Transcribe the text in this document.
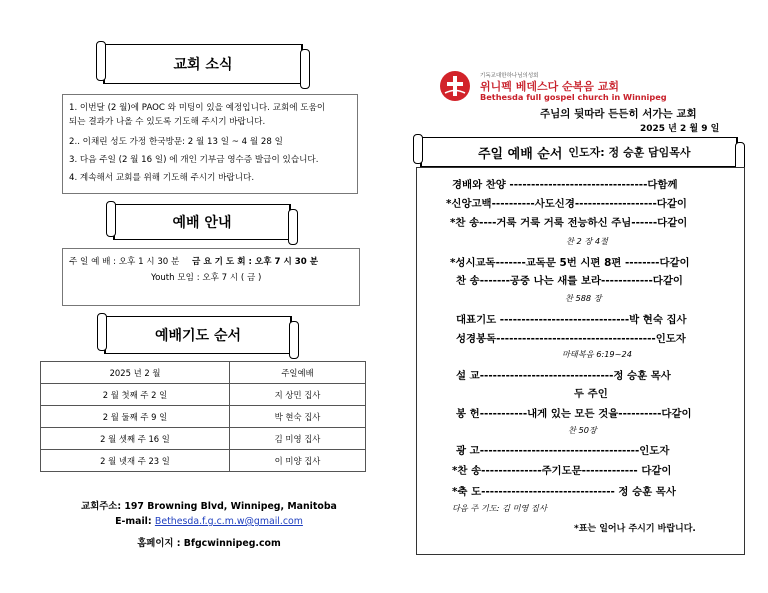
교회 소식

1. 이번달 (2 월)에 PAOC 와 미팅이 있을 예정입니다. 교회에 도움이

되는 결과가 나올 수 있도록 기도해 주시기 바랍니다.

2.. 이채린 성도 가정 한국방문: 2 월 13 일 ~ 4 월 28 일

3. 다음 주일 (2 월 16 일) 에 개인 기부금 영수증 발급이 있습니다.

4. 계속해서 교회를 위해 기도해 주시기 바랍니다.

예배 안내
주 일 예 배 : 오후 1 시 30 분 금 요 기 도 회 : 오후 7 시 30 분
Youth 모임 : 오후 7 시 ( 금 )
예배기도 순서
2025 년 2 월	주일예배
2 월 첫째 주 2 일	지 상민 집사
2 월 둘째 주 9 일	박 현숙 집사
2 월 셋째 주 16 일	김 미영 집사
2 월 넷재 주 23 일	이 미양 집사
교회주소: 197 Browning Blvd, Winnipeg, Manitoba
E-mail: Bethesda.f.g.c.m.w@gmail.com
홈페이지 : Bfgcwinnipeg.com
기독교대한하나님의성회
위니펙 베데스다 순복음 교회
Bethesda full gospel church in Winnipeg
주님의 뒷따라 든든히 서가는 교회
2025 년 2 월 9 일
주일 예배 순서 인도자: 정 승훈 담임목사
경배와 찬양 --------------------------------다함께
*신앙고백----------사도신경-------------------다같이
*찬 송----거룩 거룩 거룩 전능하신 주님------다같이
찬 2 장 4절
*성시교독-------교독문 5번 시편 8편 --------다같이
찬 송-------공중 나는 새를 보라------------다같이
찬 588 장
대표기도 ------------------------------박 현숙 집사
성경봉독-------------------------------------인도자
마태복음 6:19~24
설 교-------------------------------정 승훈 목사
두 주인
봉 헌-----------내게 있는 모든 것을----------다같이
찬 50장
광 고-------------------------------------인도자
*찬 송--------------주기도문------------- 다같이
*축 도------------------------------- 정 승훈 목사
다음 주 기도: 김 미영 집사
*표는 일어나 주시기 바랍니다.
